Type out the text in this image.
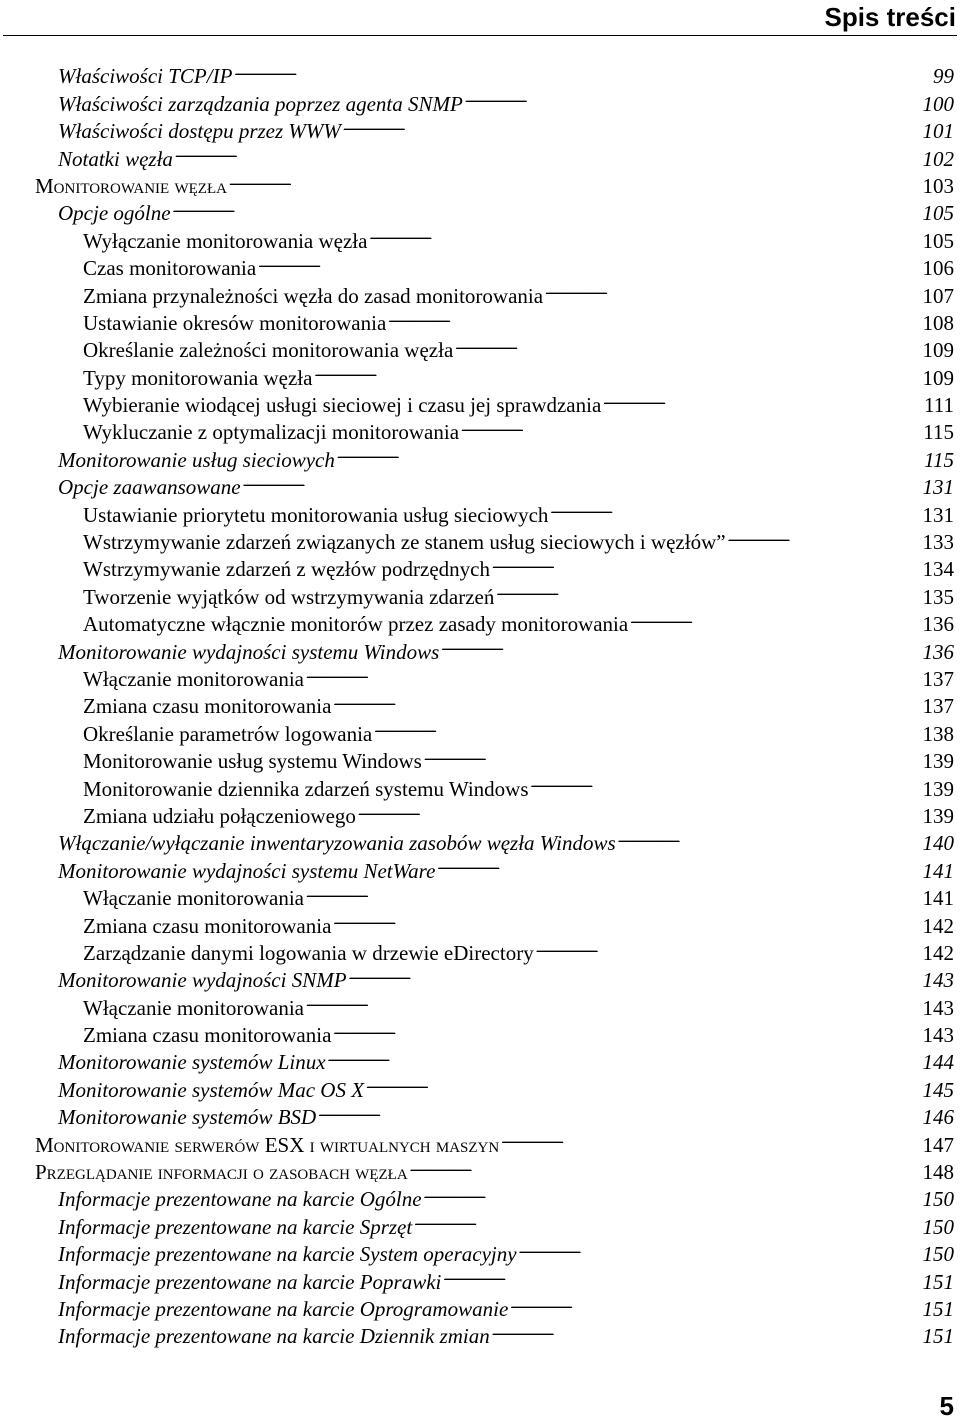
Spis treści
Właściwości TCP/IP . . .	99
Właściwości zarządzania poprzez agenta SNMP . . .	100
Właściwości dostępu przez WWW . . .	101
Notatki węzła . . .	102
Monitorowanie węzła . . .	103
Opcje ogólne . . .	105
Wyłączanie monitorowania węzła . . .	105
Czas monitorowania . . .	106
Zmiana przynależności węzła do zasad monitorowania . . .	107
Ustawianie okresów monitorowania . . .	108
Określanie zależności monitorowania węzła . . .	109
Typy monitorowania węzła . . .	109
Wybieranie wiodącej usługi sieciowej i czasu jej sprawdzania . . .	111
Wykluczanie z optymalizacji monitorowania . . .	115
Monitorowanie usług sieciowych . . .	115
Opcje zaawansowane . . .	131
Ustawianie priorytetu monitorowania usług sieciowych . . .	131
Wstrzymywanie zdarzeń związanych ze stanem usług sieciowych i węzłów” . . .	133
Wstrzymywanie zdarzeń z węzłów podrzędnych . . .	134
Tworzenie wyjątków od wstrzymywania zdarzeń . . .	135
Automatyczne włącznie monitorów przez zasady monitorowania . . .	136
Monitorowanie wydajności systemu Windows . . .	136
Włączanie monitorowania . . .	137
Zmiana czasu monitorowania . . .	137
Określanie parametrów logowania . . .	138
Monitorowanie usług systemu Windows . . .	139
Monitorowanie dziennika zdarzeń systemu Windows . . .	139
Zmiana udziału połączeniowego . . .	139
Włączanie/wyłączanie inwentaryzowania zasobów węzła Windows . . .	140
Monitorowanie wydajności systemu NetWare . . .	141
Włączanie monitorowania . . .	141
Zmiana czasu monitorowania . . .	142
Zarządzanie danymi logowania w drzewie eDirectory . . .	142
Monitorowanie wydajności SNMP . . .	143
Włączanie monitorowania . . .	143
Zmiana czasu monitorowania . . .	143
Monitorowanie systemów Linux . . .	144
Monitorowanie systemów Mac OS X . . .	145
Monitorowanie systemów BSD . . .	146
Monitorowanie serwerów ESX i wirtualnych maszyn . . .	147
Przeglądanie informacji o zasobach węzła . . .	148
Informacje prezentowane na karcie Ogólne . . .	150
Informacje prezentowane na karcie Sprzęt . . .	150
Informacje prezentowane na karcie System operacyjny . . .	150
Informacje prezentowane na karcie Poprawki . . .	151
Informacje prezentowane na karcie Oprogramowanie . . .	151
Informacje prezentowane na karcie Dziennik zmian . . .	151
5
